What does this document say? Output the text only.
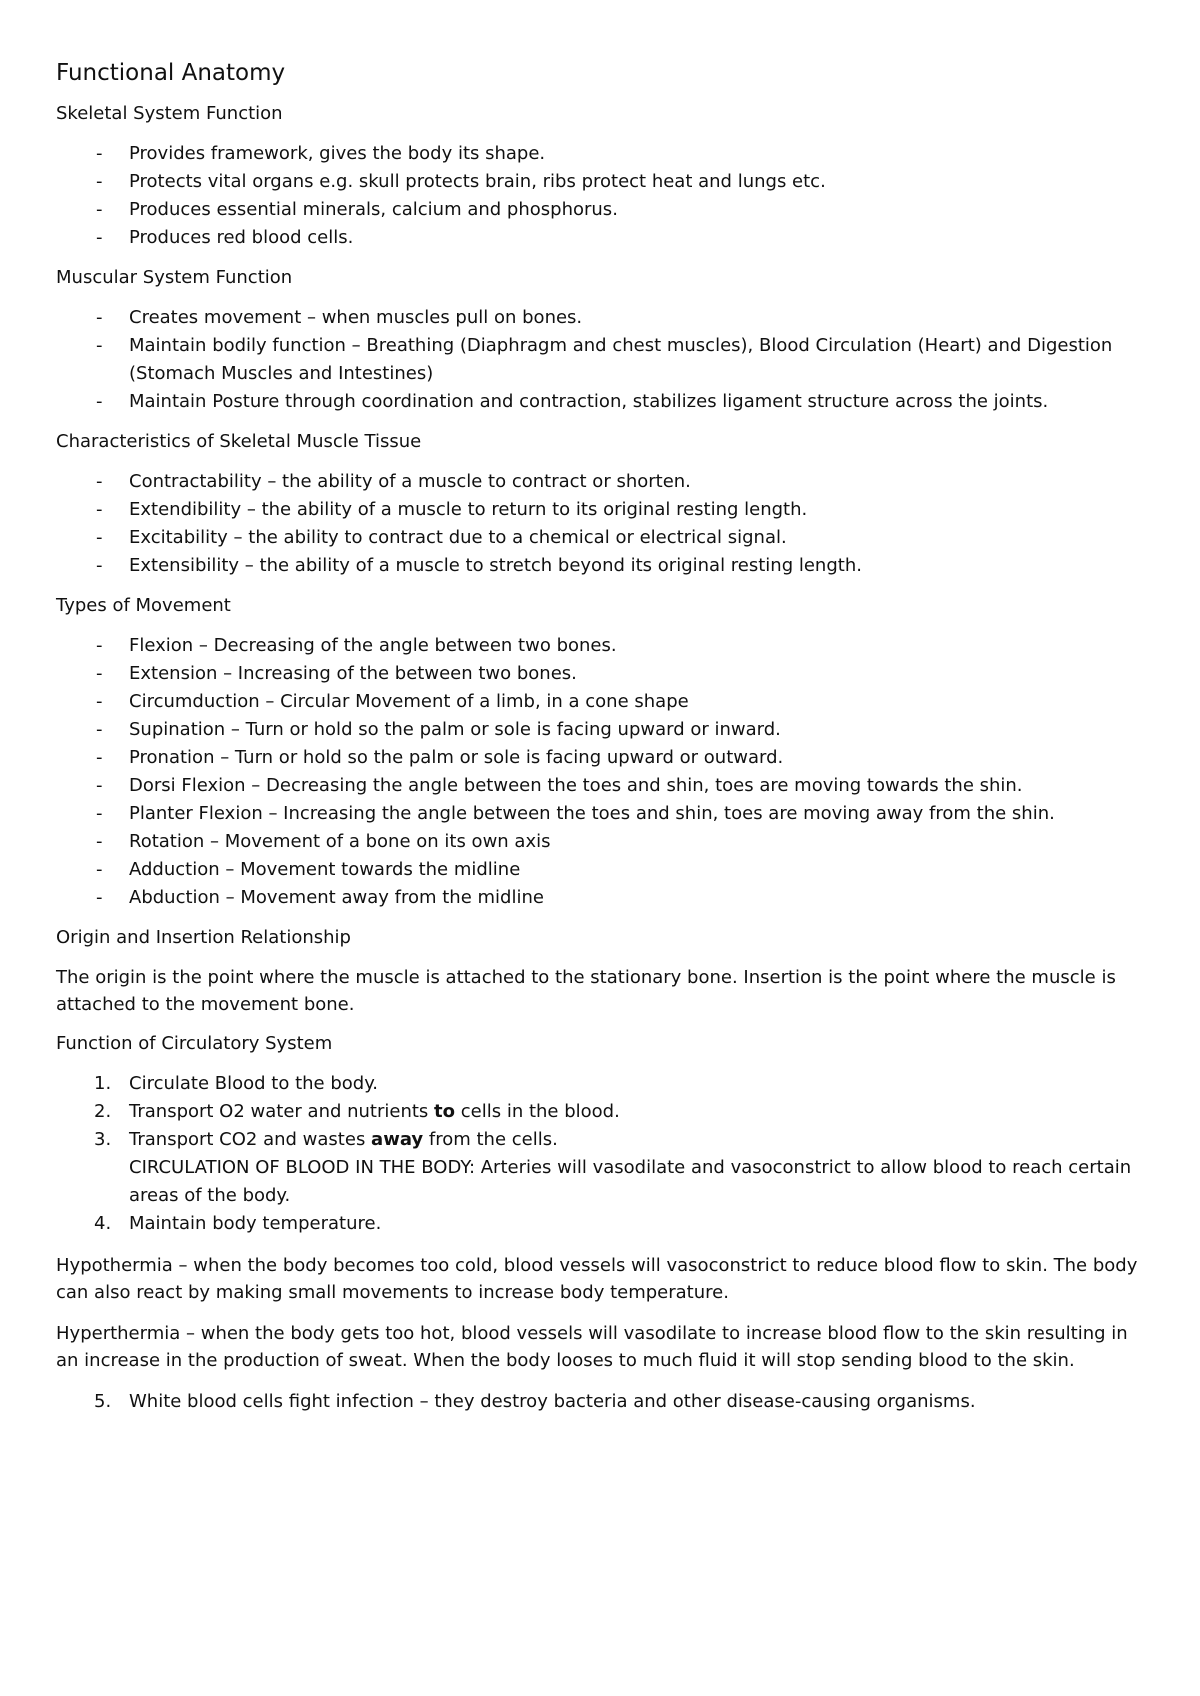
Functional Anatomy
Skeletal System Function
- Provides framework, gives the body its shape.
- Protects vital organs e.g. skull protects brain, ribs protect heat and lungs etc.
- Produces essential minerals, calcium and phosphorus.
- Produces red blood cells.
Muscular System Function
- Creates movement – when muscles pull on bones.
- Maintain bodily function – Breathing (Diaphragm and chest muscles), Blood Circulation (Heart) and Digestion (Stomach Muscles and Intestines)
- Maintain Posture through coordination and contraction, stabilizes ligament structure across the joints.
Characteristics of Skeletal Muscle Tissue
- Contractability – the ability of a muscle to contract or shorten.
- Extendibility – the ability of a muscle to return to its original resting length.
- Excitability – the ability to contract due to a chemical or electrical signal.
- Extensibility – the ability of a muscle to stretch beyond its original resting length.
Types of Movement
- Flexion – Decreasing of the angle between two bones.
- Extension – Increasing of the between two bones.
- Circumduction – Circular Movement of a limb, in a cone shape
- Supination – Turn or hold so the palm or sole is facing upward or inward.
- Pronation – Turn or hold so the palm or sole is facing upward or outward.
- Dorsi Flexion – Decreasing the angle between the toes and shin, toes are moving towards the shin.
- Planter Flexion – Increasing the angle between the toes and shin, toes are moving away from the shin.
- Rotation – Movement of a bone on its own axis
- Adduction – Movement towards the midline
- Abduction – Movement away from the midline
Origin and Insertion Relationship

The origin is the point where the muscle is attached to the stationary bone. Insertion is the point where the muscle is attached to the movement bone.

Function of Circulatory System
1. Circulate Blood to the body.
2. Transport O2 water and nutrients to cells in the blood.
3. Transport CO2 and wastes away from the cells.
CIRCULATION OF BLOOD IN THE BODY: Arteries will vasodilate and vasoconstrict to allow blood to reach certain areas of the body.
4. Maintain body temperature.

Hypothermia – when the body becomes too cold, blood vessels will vasoconstrict to reduce blood flow to skin. The body can also react by making small movements to increase body temperature.

Hyperthermia – when the body gets too hot, blood vessels will vasodilate to increase blood flow to the skin resulting in an increase in the production of sweat. When the body looses to much fluid it will stop sending blood to the skin.

5. White blood cells fight infection – they destroy bacteria and other disease-causing organisms.
